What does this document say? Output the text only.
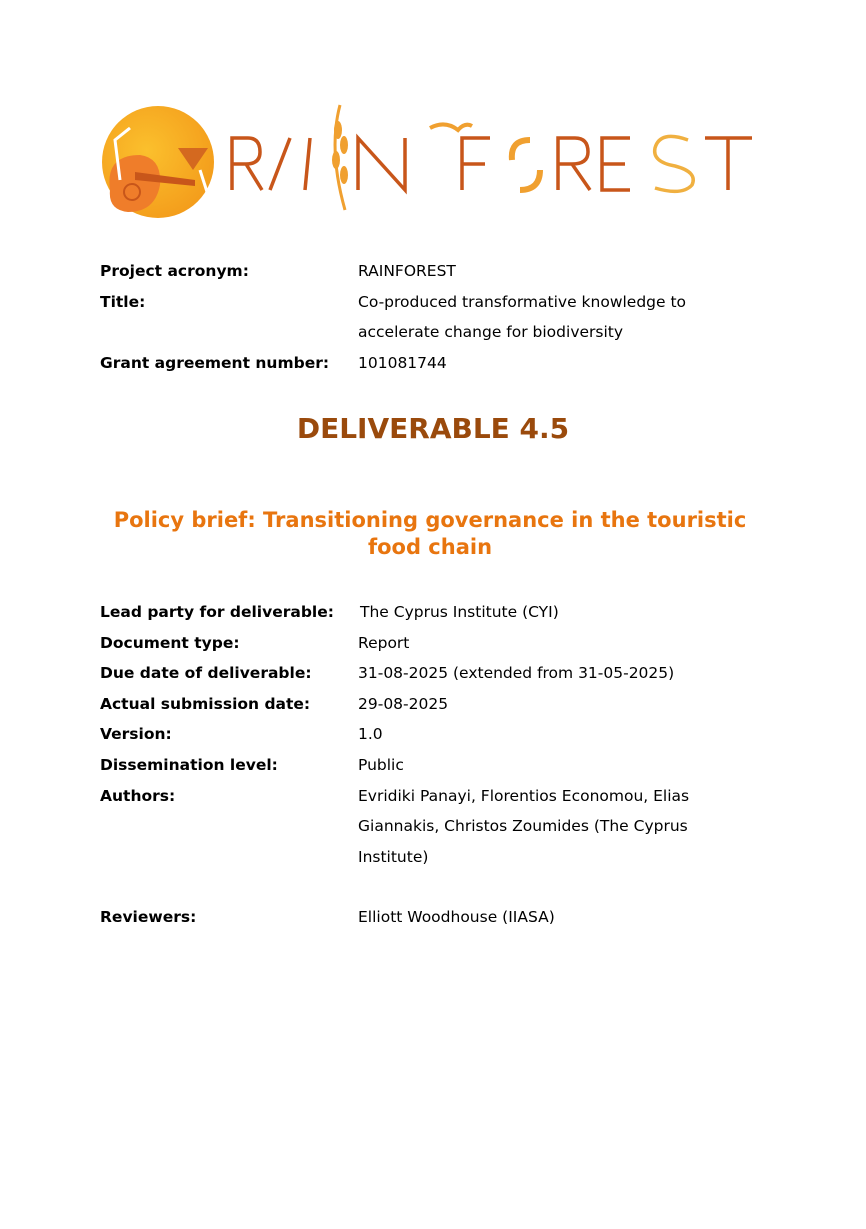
Project acronym:	RAINFOREST
Title:	Co-produced transformative knowledge to accelerate change for biodiversity
Grant agreement number:	101081744
DELIVERABLE 4.5
Policy brief: Transitioning governance in the touristic food chain
Lead party for deliverable:	The Cyprus Institute (CYI)
Document type:	Report
Due date of deliverable:	31-08-2025 (extended from 31-05-2025)
Actual submission date:	29-08-2025
Version:	1.0
Dissemination level:	Public
Authors:	Evridiki Panayi, Florentios Economou, Elias Giannakis, Christos Zoumides (The Cyprus Institute)
Reviewers:	Elliott Woodhouse (IIASA)
